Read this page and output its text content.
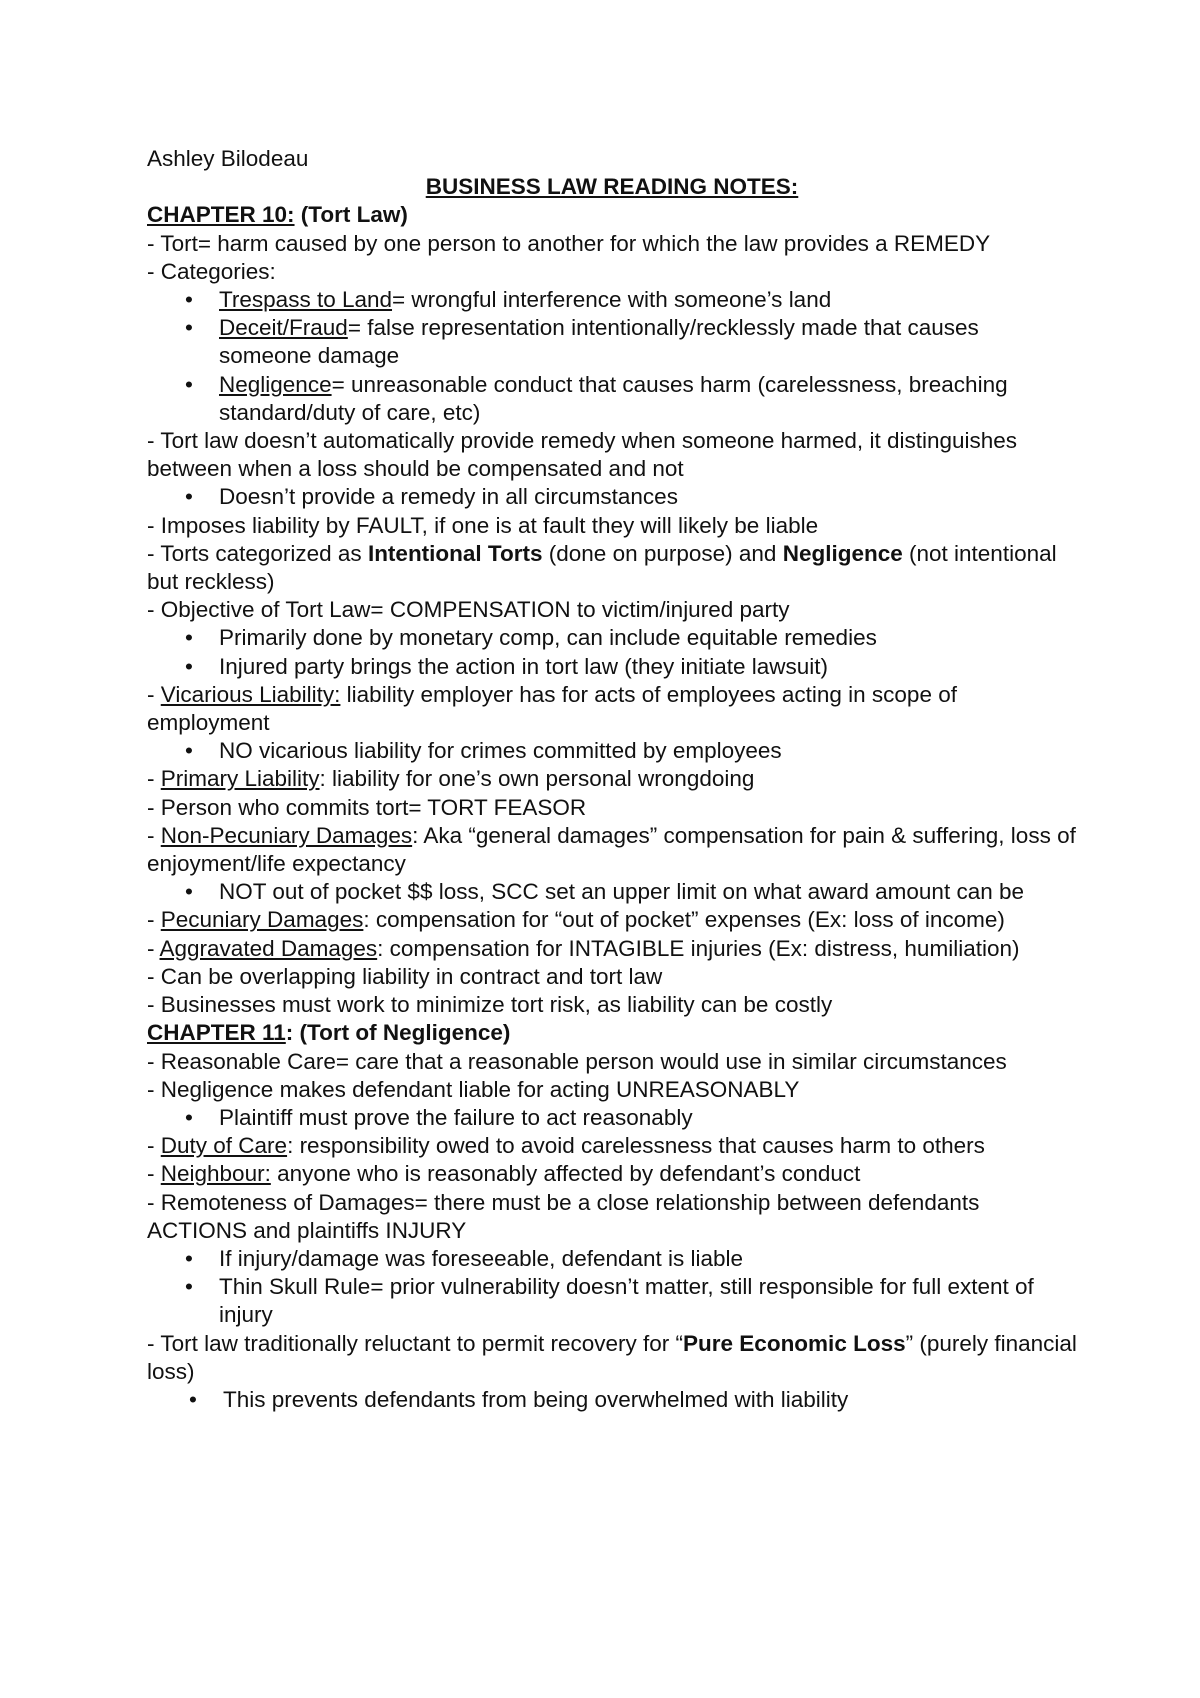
Ashley Bilodeau
BUSINESS LAW READING NOTES:
CHAPTER 10: (Tort Law)
- Tort= harm caused by one person to another for which the law provides a REMEDY
- Categories:
• Trespass to Land= wrongful interference with someone’s land
• Deceit/Fraud= false representation intentionally/recklessly made that causes someone damage
• Negligence= unreasonable conduct that causes harm (carelessness, breaching standard/duty of care, etc)
- Tort law doesn’t automatically provide remedy when someone harmed, it distinguishes between when a loss should be compensated and not
• Doesn’t provide a remedy in all circumstances
- Imposes liability by FAULT, if one is at fault they will likely be liable
- Torts categorized as Intentional Torts (done on purpose) and Negligence (not intentional but reckless)
- Objective of Tort Law= COMPENSATION to victim/injured party
• Primarily done by monetary comp, can include equitable remedies
• Injured party brings the action in tort law (they initiate lawsuit)
- Vicarious Liability: liability employer has for acts of employees acting in scope of employment
• NO vicarious liability for crimes committed by employees
- Primary Liability: liability for one’s own personal wrongdoing
- Person who commits tort= TORT FEASOR
- Non-Pecuniary Damages: Aka “general damages” compensation for pain & suffering, loss of enjoyment/life expectancy
• NOT out of pocket $$ loss, SCC set an upper limit on what award amount can be
- Pecuniary Damages: compensation for “out of pocket” expenses (Ex: loss of income)
- Aggravated Damages: compensation for INTAGIBLE injuries (Ex: distress, humiliation)
- Can be overlapping liability in contract and tort law
- Businesses must work to minimize tort risk, as liability can be costly
CHAPTER 11: (Tort of Negligence)
- Reasonable Care= care that a reasonable person would use in similar circumstances
- Negligence makes defendant liable for acting UNREASONABLY
• Plaintiff must prove the failure to act reasonably
- Duty of Care: responsibility owed to avoid carelessness that causes harm to others
- Neighbour: anyone who is reasonably affected by defendant’s conduct
- Remoteness of Damages= there must be a close relationship between defendants ACTIONS and plaintiffs INJURY
• If injury/damage was foreseeable, defendant is liable
• Thin Skull Rule= prior vulnerability doesn’t matter, still responsible for full extent of injury
- Tort law traditionally reluctant to permit recovery for “Pure Economic Loss” (purely financial loss)
• This prevents defendants from being overwhelmed with liability
